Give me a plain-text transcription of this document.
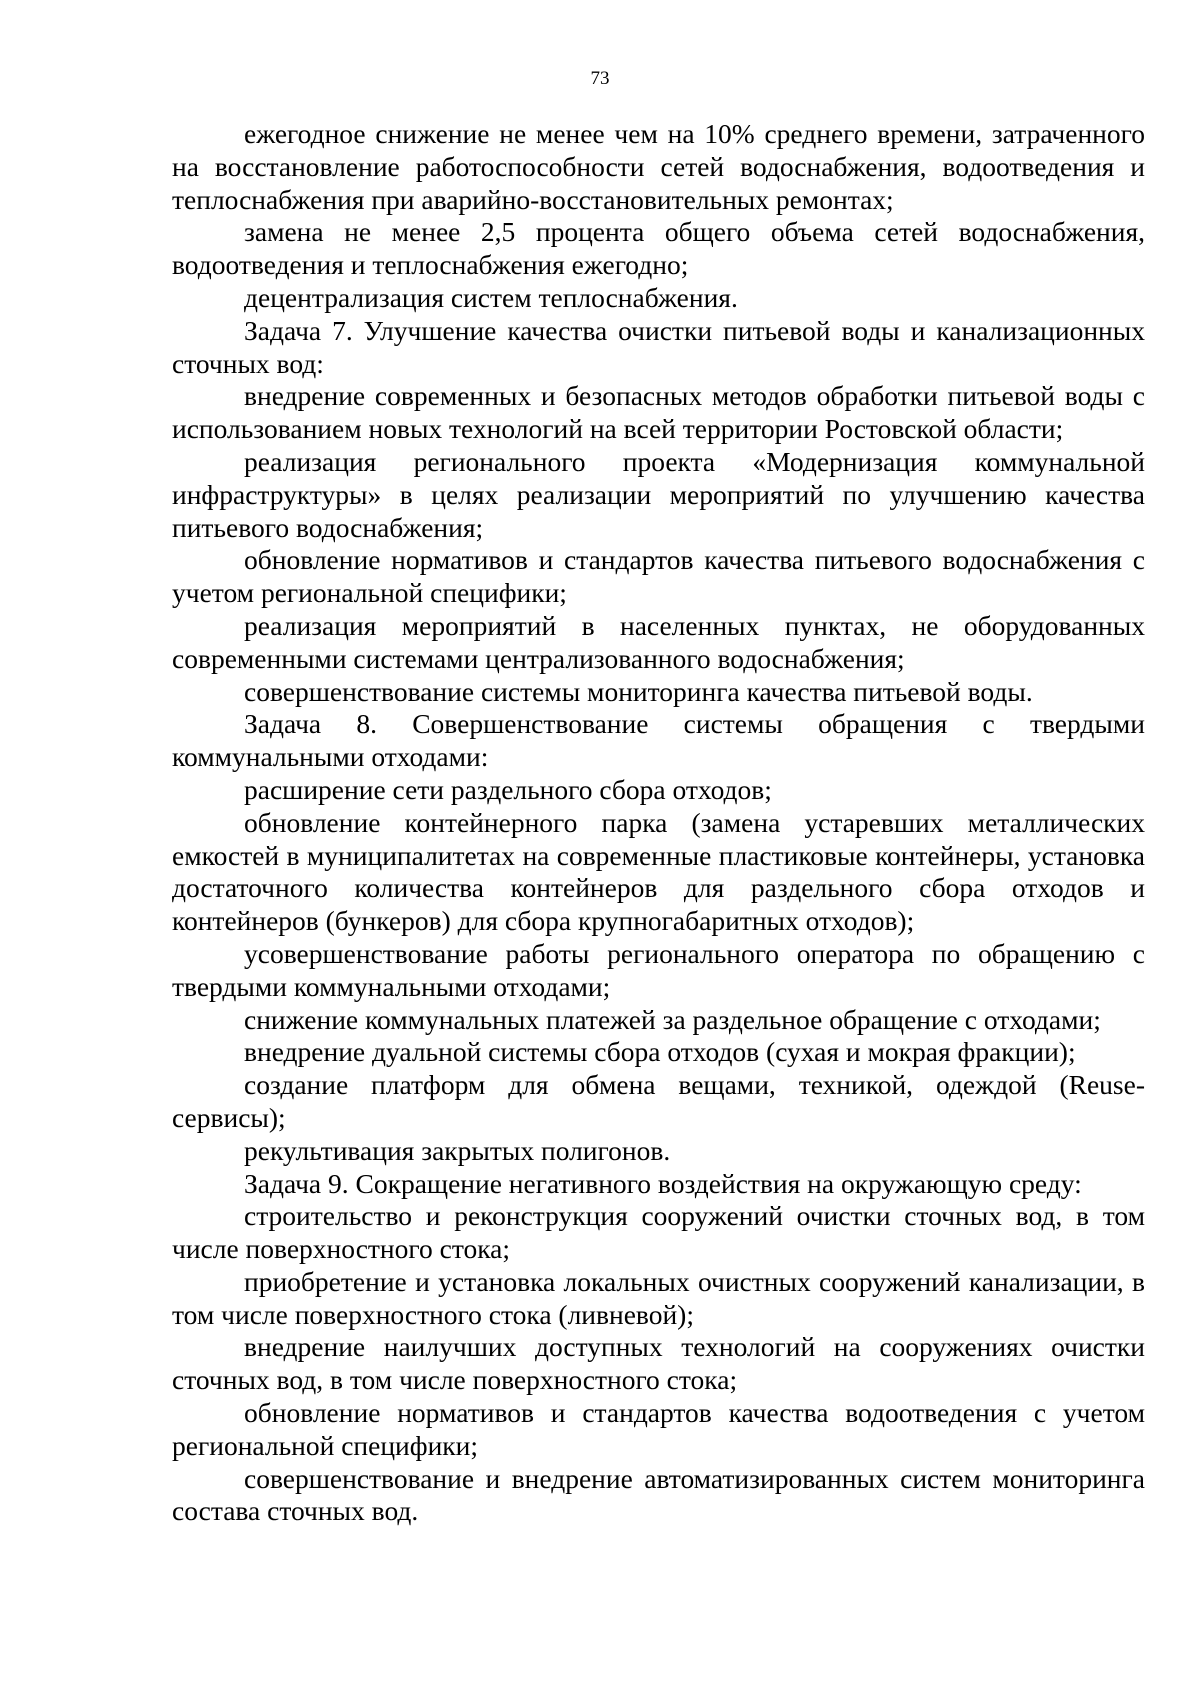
73

ежегодное снижение не менее чем на 10% среднего времени, затраченного на восстановление работоспособности сетей водоснабжения, водоотведения и теплоснабжения при аварийно-восстановительных ремонтах;

замена не менее 2,5 процента общего объема сетей водоснабжения, водоотведения и теплоснабжения ежегодно;

децентрализация систем теплоснабжения.

Задача 7. Улучшение качества очистки питьевой воды и канализационных сточных вод:

внедрение современных и безопасных методов обработки питьевой воды с использованием новых технологий на всей территории Ростовской области;

реализация регионального проекта «Модернизация коммунальной инфраструктуры» в целях реализации мероприятий по улучшению качества питьевого водоснабжения;

обновление нормативов и стандартов качества питьевого водоснабжения с учетом региональной специфики;

реализация мероприятий в населенных пунктах, не оборудованных современными системами централизованного водоснабжения;

совершенствование системы мониторинга качества питьевой воды.

Задача 8. Совершенствование системы обращения с твердыми коммунальными отходами:

расширение сети раздельного сбора отходов;

обновление контейнерного парка (замена устаревших металлических емкостей в муниципалитетах на современные пластиковые контейнеры, установка достаточного количества контейнеров для раздельного сбора отходов и контейнеров (бункеров) для сбора крупногабаритных отходов);

усовершенствование работы регионального оператора по обращению с твердыми коммунальными отходами;

снижение коммунальных платежей за раздельное обращение с отходами;

внедрение дуальной системы сбора отходов (сухая и мокрая фракции);

создание платформ для обмена вещами, техникой, одеждой (Reuse-сервисы);

рекультивация закрытых полигонов.

Задача 9. Сокращение негативного воздействия на окружающую среду:

строительство и реконструкция сооружений очистки сточных вод, в том числе поверхностного стока;

приобретение и установка локальных очистных сооружений канализации, в том числе поверхностного стока (ливневой);

внедрение наилучших доступных технологий на сооружениях очистки сточных вод, в том числе поверхностного стока;

обновление нормативов и стандартов качества водоотведения с учетом региональной специфики;

совершенствование и внедрение автоматизированных систем мониторинга состава сточных вод.
